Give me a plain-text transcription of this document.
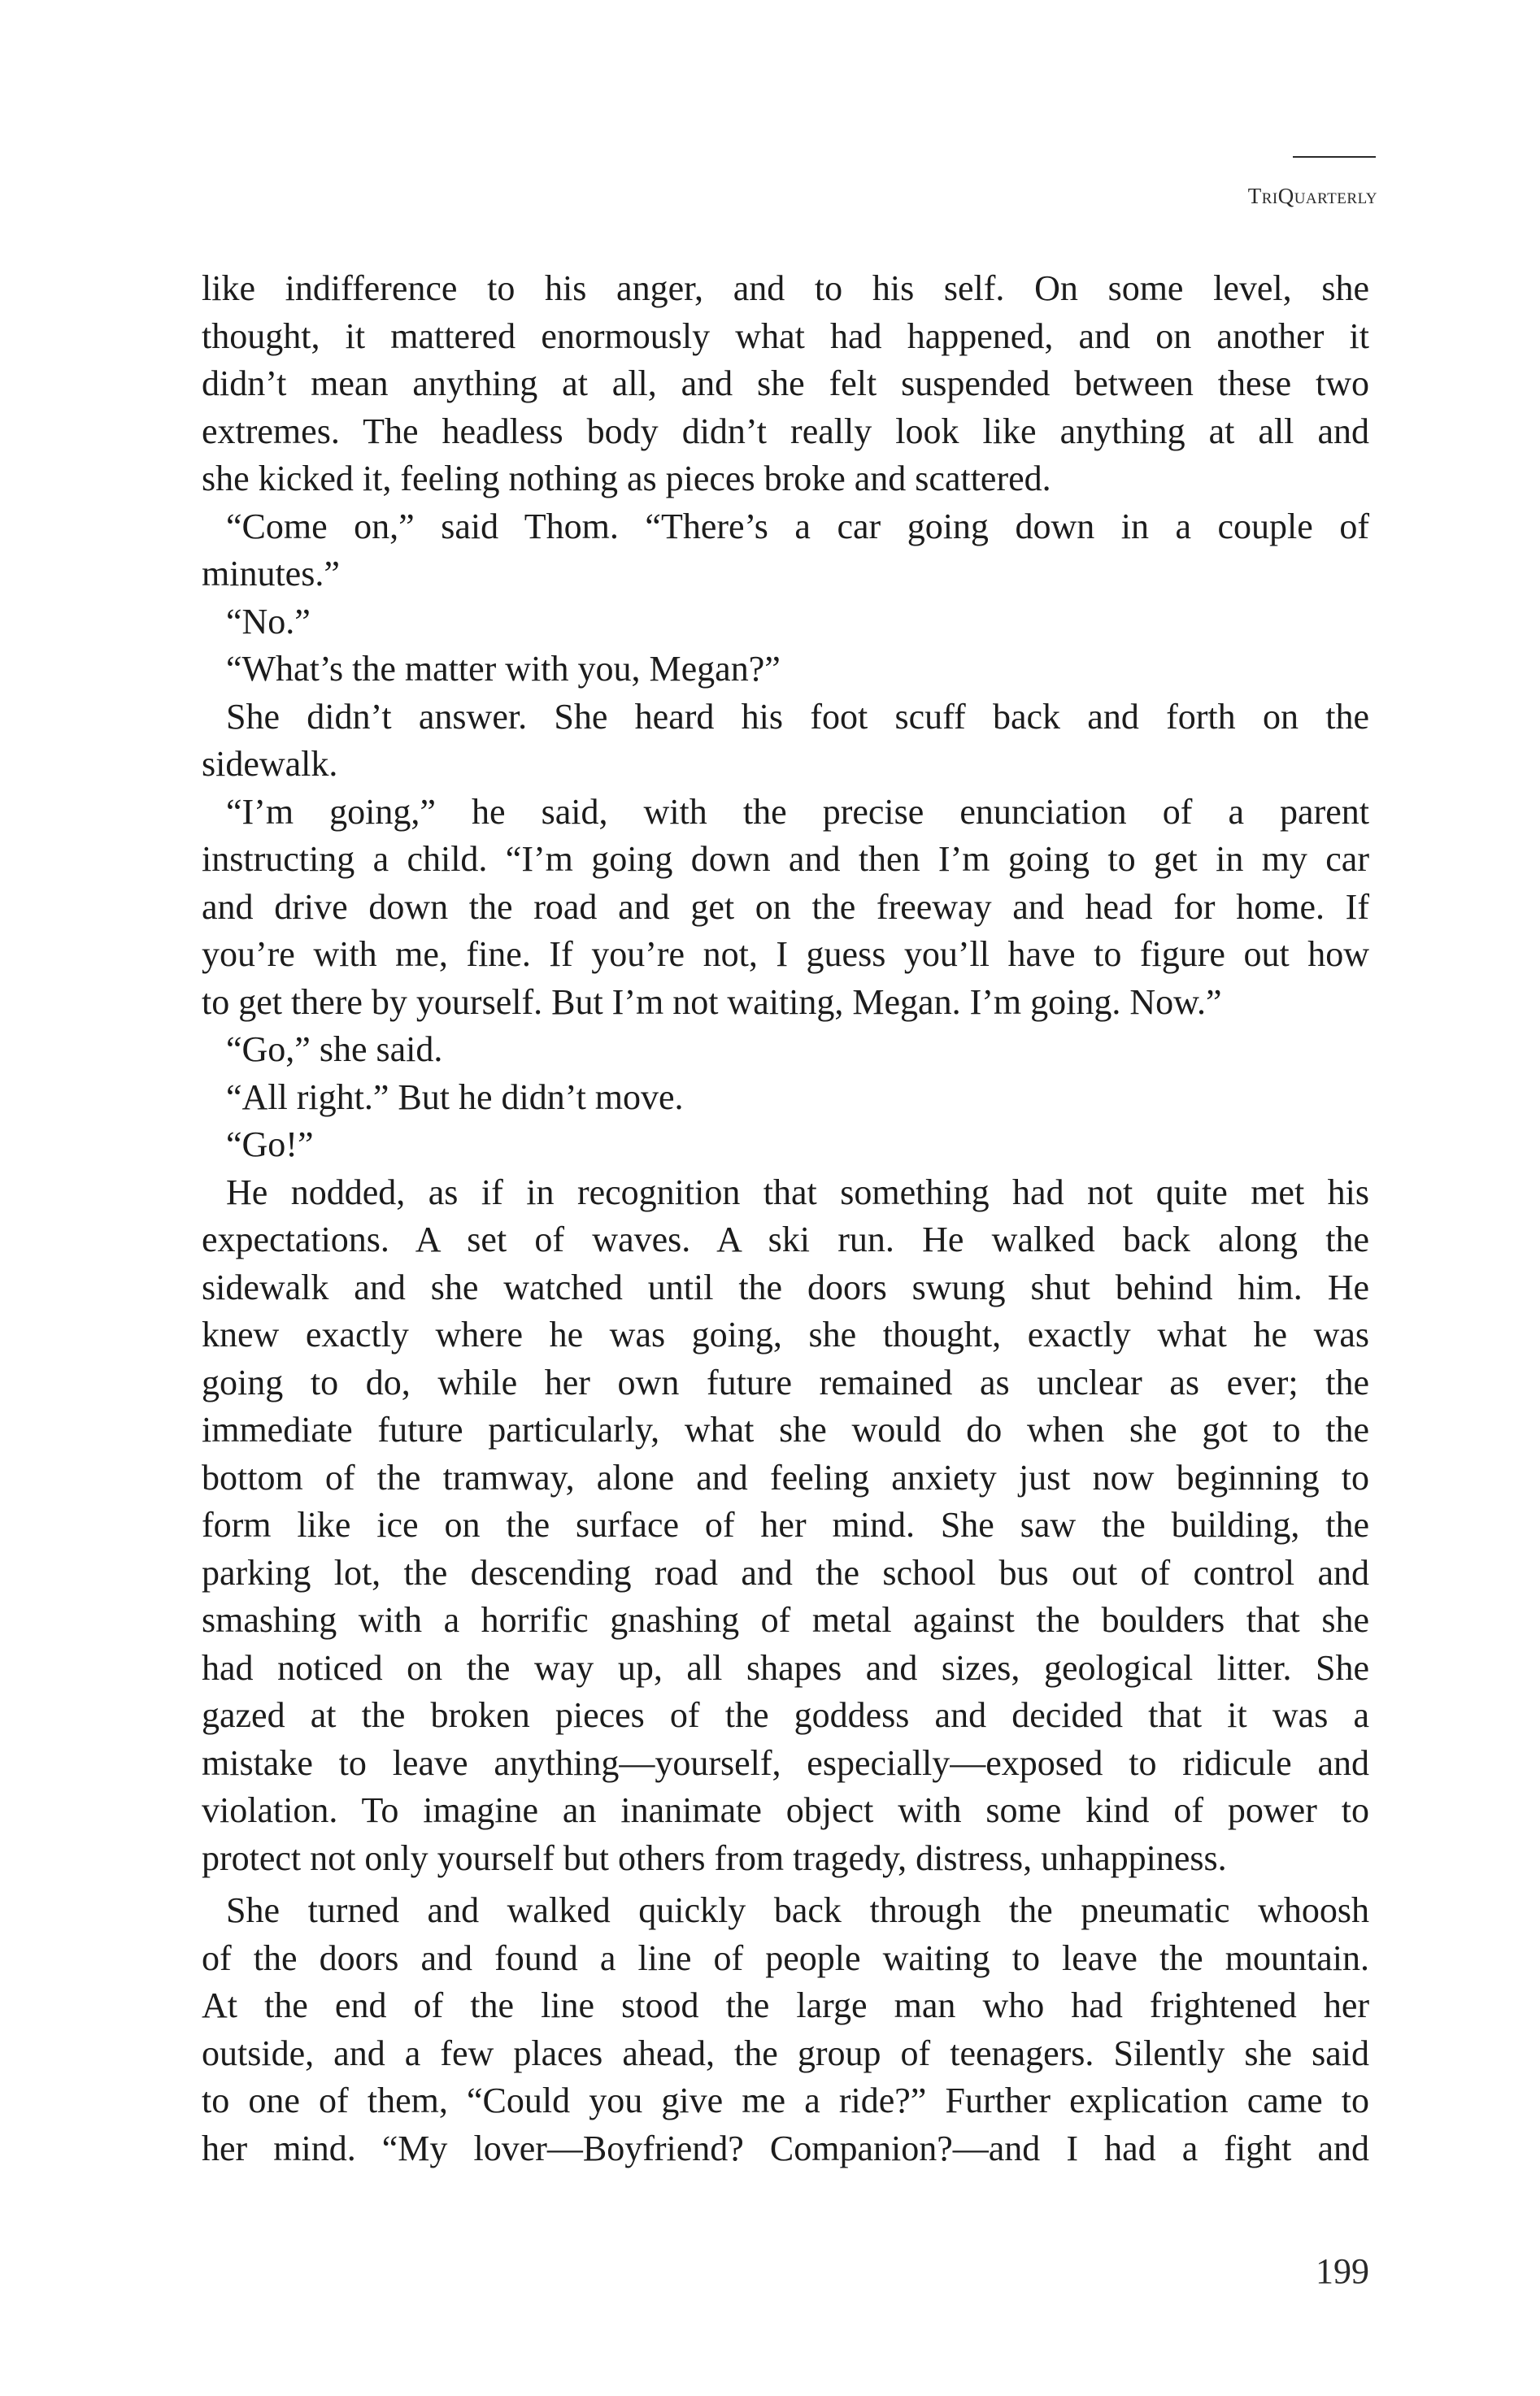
TriQuarterly
like indifference to his anger, and to his self. On some level, she
thought, it mattered enormously what had happened, and on another it
didn’t mean anything at all, and she felt suspended between these two
extremes. The headless body didn’t really look like anything at all and
she kicked it, feeling nothing as pieces broke and scattered.
“Come on,” said Thom. “There’s a car going down in a couple of
minutes.”
“No.”
“What’s the matter with you, Megan?”
She didn’t answer. She heard his foot scuff back and forth on the
sidewalk.
“I’m going,” he said, with the precise enunciation of a parent
instructing a child. “I’m going down and then I’m going to get in my car
and drive down the road and get on the freeway and head for home. If
you’re with me, fine. If you’re not, I guess you’ll have to figure out how
to get there by yourself. But I’m not waiting, Megan. I’m going. Now.”
“Go,” she said.
“All right.” But he didn’t move.
“Go!”
He nodded, as if in recognition that something had not quite met his
expectations. A set of waves. A ski run. He walked back along the
sidewalk and she watched until the doors swung shut behind him. He
knew exactly where he was going, she thought, exactly what he was
going to do, while her own future remained as unclear as ever; the
immediate future particularly, what she would do when she got to the
bottom of the tramway, alone and feeling anxiety just now beginning to
form like ice on the surface of her mind. She saw the building, the
parking lot, the descending road and the school bus out of control and
smashing with a horrific gnashing of metal against the boulders that she
had noticed on the way up, all shapes and sizes, geological litter. She
gazed at the broken pieces of the goddess and decided that it was a
mistake to leave anything—yourself, especially—exposed to ridicule and
violation. To imagine an inanimate object with some kind of power to
protect not only yourself but others from tragedy, distress, unhappiness.
She turned and walked quickly back through the pneumatic whoosh
of the doors and found a line of people waiting to leave the mountain.
At the end of the line stood the large man who had frightened her
outside, and a few places ahead, the group of teenagers. Silently she said
to one of them, “Could you give me a ride?” Further explication came to
her mind. “My lover—Boyfriend? Companion?—and I had a fight and
199
